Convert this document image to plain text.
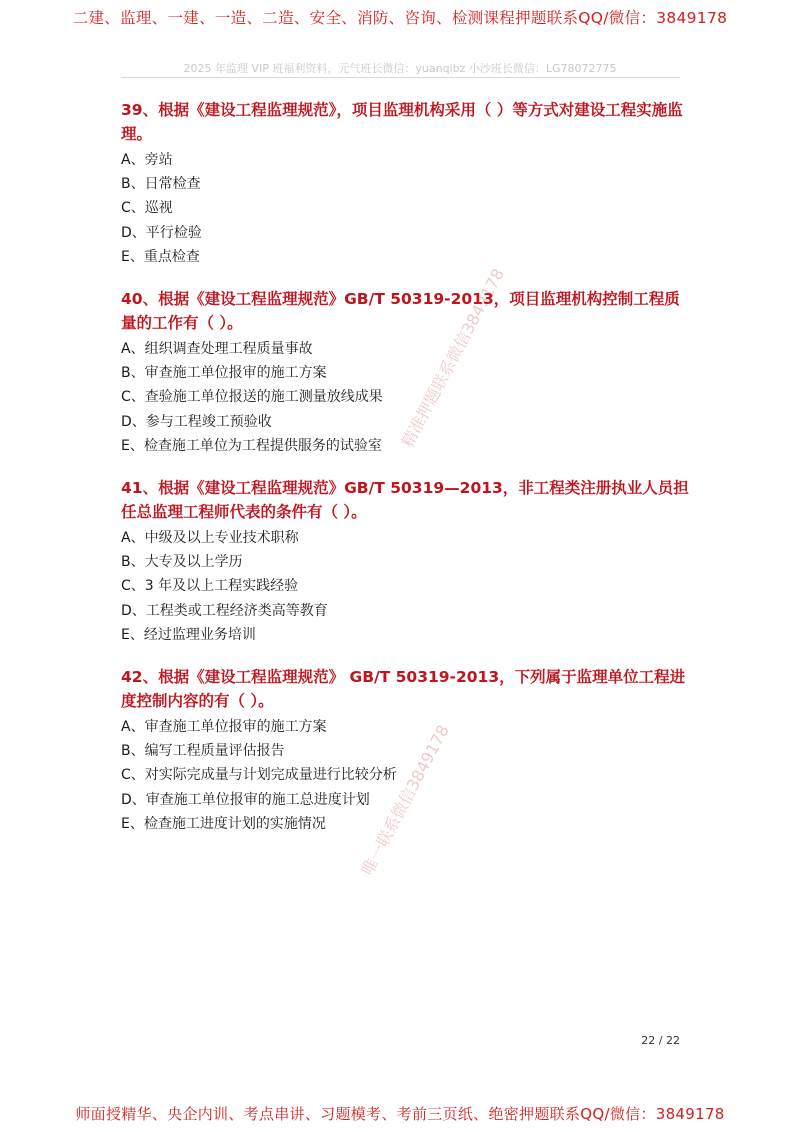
二建、监理、一建、一造、二造、安全、消防、咨询、检测课程押题联系QQ/微信：3849178
2025 年监理 VIP 班福利资料，元气班长微信：yuanqibz 小沙班长微信：LG78072775
39、根据《建设工程监理规范》，项目监理机构采用（ ）等方式对建设工程实施监理。
A、旁站
B、日常检查
C、巡视
D、平行检验
E、重点检查
40、根据《建设工程监理规范》GB/T 50319-2013，项目监理机构控制工程质量的工作有（ ）。
A、组织调查处理工程质量事故
B、审查施工单位报审的施工方案
C、查验施工单位报送的施工测量放线成果
D、参与工程竣工预验收
E、检查施工单位为工程提供服务的试验室
41、根据《建设工程监理规范》GB/T 50319—2013，非工程类注册执业人员担任总监理工程师代表的条件有（ ）。
A、中级及以上专业技术职称
B、大专及以上学历
C、3 年及以上工程实践经验
D、工程类或工程经济类高等教育
E、经过监理业务培训
42、根据《建设工程监理规范》 GB/T 50319-2013，下列属于监理单位工程进度控制内容的有（ ）。
A、审查施工单位报审的施工方案
B、编写工程质量评估报告
C、对实际完成量与计划完成量进行比较分析
D、审查施工单位报审的施工总进度计划
E、检查施工进度计划的实施情况
精准押题联系微信3849178
唯一联系微信3849178
22 / 22
师面授精华、央企内训、考点串讲、习题模考、考前三页纸、绝密押题联系QQ/微信：3849178
